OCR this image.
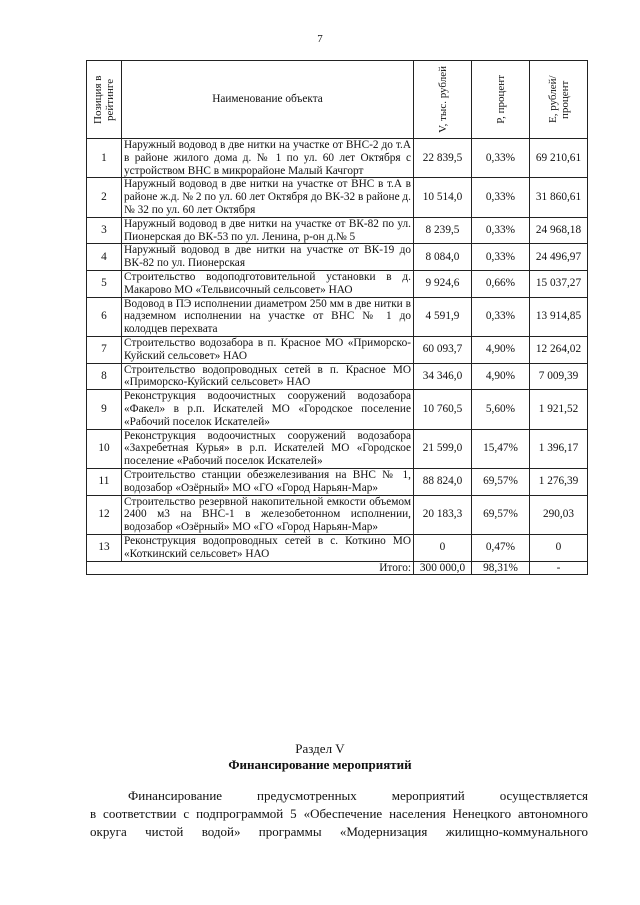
7
Позиция в рейтинге	Наименование объекта	V, тыс. рублей	P, процент	E, рублей/ процент

1	Наружный водовод в две нитки на участке от ВНС-2 до т.А в районе жилого дома д. № 1 по ул. 60 лет Октября с устройством ВНС в микрорайоне Малый Качгорт	22 839,5	0,33%	69 210,61
2	Наружный водовод в две нитки на участке от ВНС в т.А в районе ж.д. № 2 по ул. 60 лет Октября до ВК-32 в районе д. № 32 по ул. 60 лет Октября	10 514,0	0,33%	31 860,61
3	Наружный водовод в две нитки на участке от ВК-82 по ул. Пионерская до ВК-53 по ул. Ленина, р-он д.№ 5	8 239,5	0,33%	24 968,18
4	Наружный водовод в две нитки на участке от ВК-19 до ВК-82 по ул. Пионерская	8 084,0	0,33%	24 496,97
5	Строительство водоподготовительной установки в д. Макарово МО «Тельвисочный сельсовет» НАО	9 924,6	0,66%	15 037,27
6	Водовод в ПЭ исполнении диаметром 250 мм в две нитки в надземном исполнении на участке от ВНС № 1 до колодцев перехвата	4 591,9	0,33%	13 914,85
7	Строительство водозабора в п. Красное МО «Приморско-Куйский сельсовет» НАО	60 093,7	4,90%	12 264,02
8	Строительство водопроводных сетей в п. Красное МО «Приморско-Куйский сельсовет» НАО	34 346,0	4,90%	7 009,39
9	Реконструкция водоочистных сооружений водозабора «Факел» в р.п. Искателей МО «Городское поселение «Рабочий поселок Искателей»	10 760,5	5,60%	1 921,52
10	Реконструкция водоочистных сооружений водозабора «Захребетная Курья» в р.п. Искателей МО «Городское поселение «Рабочий поселок Искателей»	21 599,0	15,47%	1 396,17
11	Строительство станции обезжелезивания на ВНС № 1, водозабор «Озёрный» МО «ГО «Город Нарьян-Мар»	88 824,0	69,57%	1 276,39
12	Строительство резервной накопительной емкости объемом 2400 м3 на ВНС-1 в железобетонном исполнении, водозабор «Озёрный» МО «ГО «Город Нарьян-Мар»	20 183,3	69,57%	290,03
13	Реконструкция водопроводных сетей в с. Коткино МО «Коткинский сельсовет» НАО	0	0,47%	0
Итого:		300 000,0	98,31%	-
Раздел V
Финансирование мероприятий
Финансирование предусмотренных мероприятий осуществляется
в соответствии с подпрограммой 5 «Обеспечение населения Ненецкого автономного
округа чистой водой» программы «Модернизация жилищно-коммунального
